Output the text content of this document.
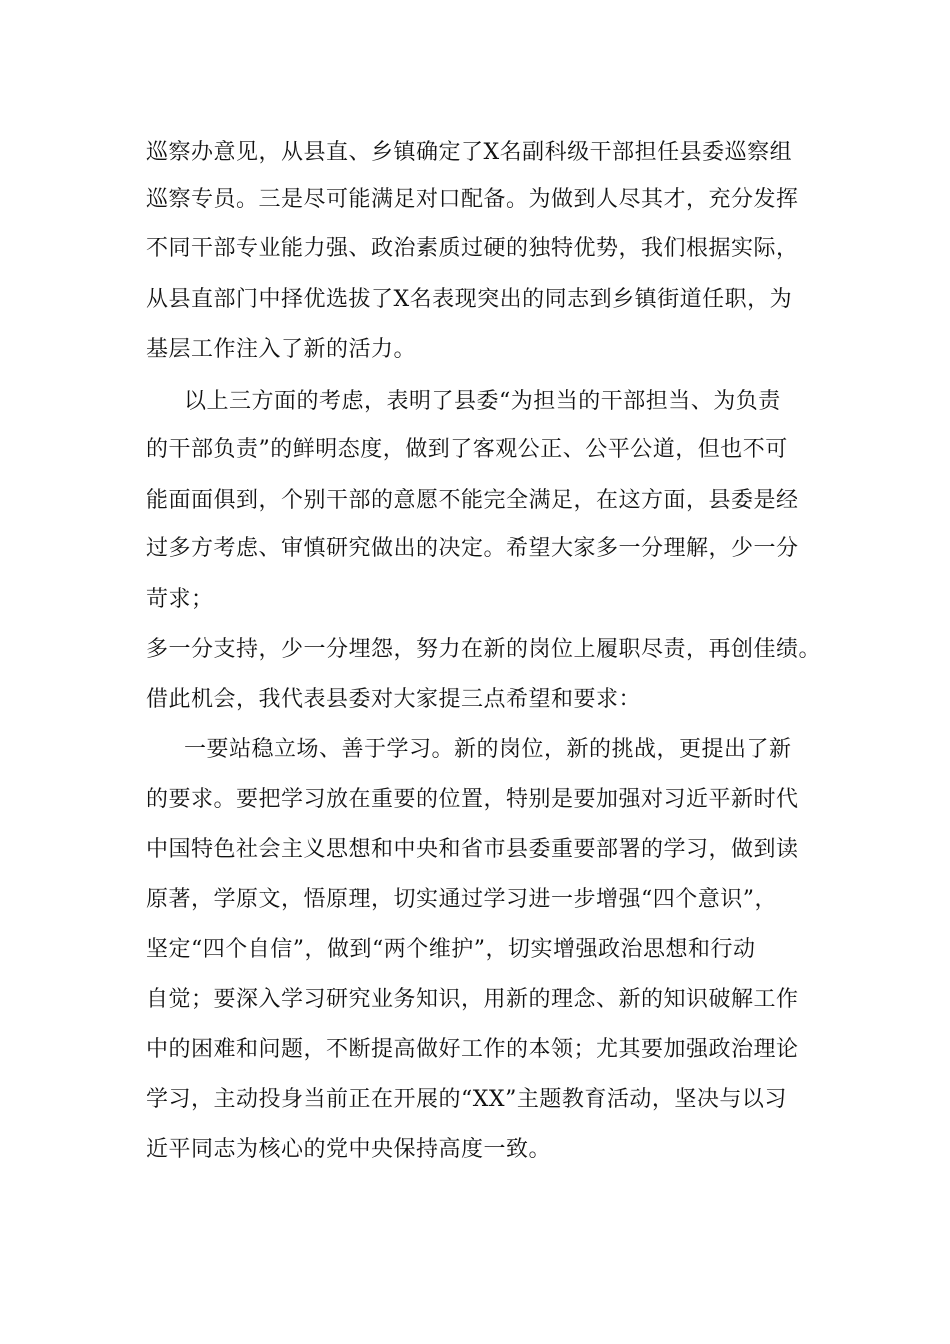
巡察办意见，从县直、乡镇确定了X名副科级干部担任县委巡察组
巡察专员。三是尽可能满足对口配备。为做到人尽其才，充分发挥
不同干部专业能力强、政治素质过硬的独特优势，我们根据实际，
从县直部门中择优选拔了X名表现突出的同志到乡镇街道任职，为
基层工作注入了新的活力。
以上三方面的考虑，表明了县委“为担当的干部担当、为负责
的干部负责”的鲜明态度，做到了客观公正、公平公道，但也不可
能面面俱到，个别干部的意愿不能完全满足，在这方面，县委是经
过多方考虑、审慎研究做出的决定。希望大家多一分理解，少一分
苛求；
多一分支持，少一分埋怨，努力在新的岗位上履职尽责，再创佳绩。
借此机会，我代表县委对大家提三点希望和要求：
一要站稳立场、善于学习。新的岗位，新的挑战，更提出了新
的要求。要把学习放在重要的位置，特别是要加强对习近平新时代
中国特色社会主义思想和中央和省市县委重要部署的学习，做到读
原著，学原文，悟原理，切实通过学习进一步增强“四个意识”，
坚定“四个自信”，做到“两个维护”，切实增强政治思想和行动
自觉；要深入学习研究业务知识，用新的理念、新的知识破解工作
中的困难和问题，不断提高做好工作的本领；尤其要加强政治理论
学习，主动投身当前正在开展的“XX”主题教育活动，坚决与以习
近平同志为核心的党中央保持高度一致。
